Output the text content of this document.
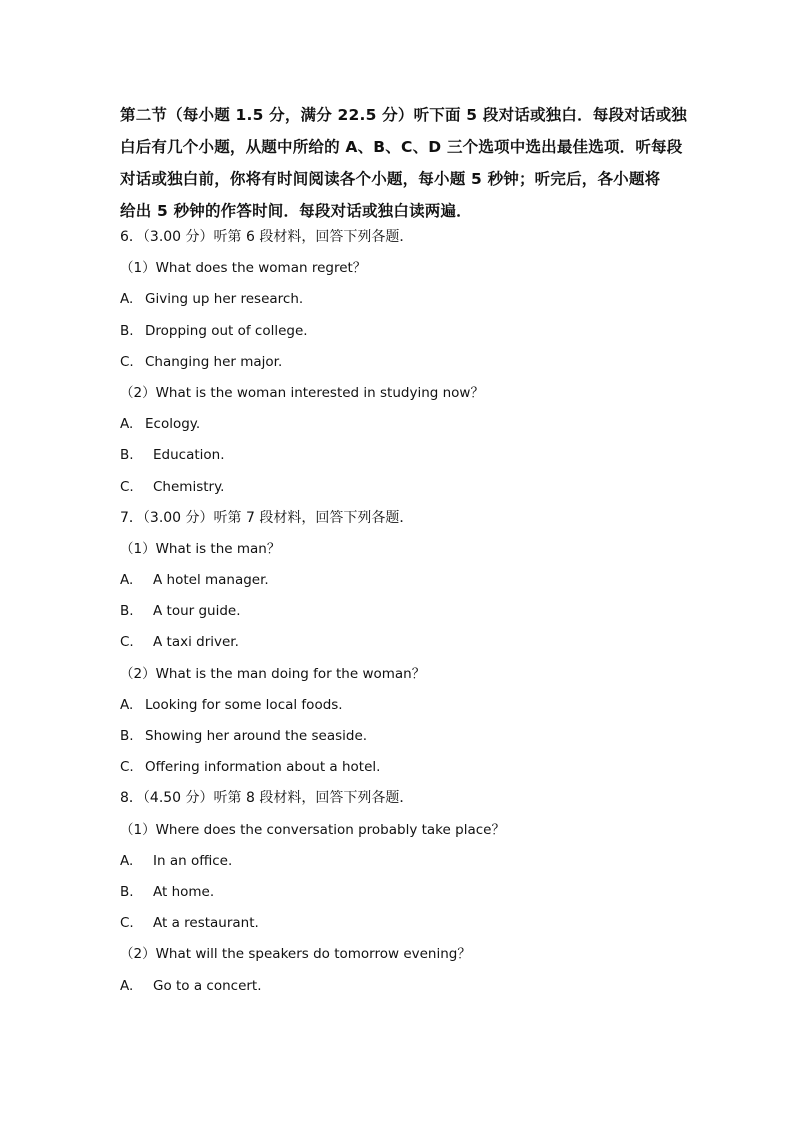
第二节（每小题 1.5 分，满分 22.5 分）听下面 5 段对话或独白．每段对话或独
白后有几个小题，从题中所给的 A、B、C、D 三个选项中选出最佳选项．听每段
对话或独白前，你将有时间阅读各个小题，每小题 5 秒钟；听完后，各小题将
给出 5 秒钟的作答时间．每段对话或独白读两遍．
6．（3.00 分）听第 6 段材料，回答下列各题．
（1）What does the woman regret？
A. Giving up her research.
B. Dropping out of college.
C. Changing her major.
（2）What is the woman interested in studying now？
A. Ecology.
B. Education.
C. Chemistry.
7．（3.00 分）听第 7 段材料，回答下列各题．
（1）What is the man？
A. A hotel manager.
B. A tour guide.
C. A taxi driver.
（2）What is the man doing for the woman？
A. Looking for some local foods.
B. Showing her around the seaside.
C. Offering information about a hotel.
8．（4.50 分）听第 8 段材料，回答下列各题．
（1）Where does the conversation probably take place？
A. In an office.
B. At home.
C. At a restaurant.
（2）What will the speakers do tomorrow evening？
A. Go to a concert.
